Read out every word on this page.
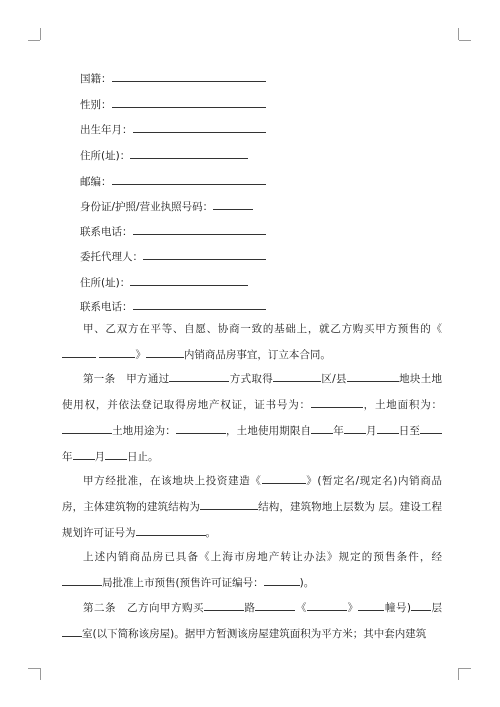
国籍：
性别：
出生年月：
住所(址)：
邮编：
身份证/护照/营业执照号码：
联系电话：
委托代理人：
住所(址)：
联系电话：
甲、乙双方在平等、自愿、协商一致的基础上，就乙方购买甲方预售的《 》	内销商品房事宜，订立本合同。
第一条　甲方通过	方式取得	区/县	地块土地使用权，并依法登记取得房地产权证，证书号为：	，土地面积为：土地用途为：	，土地使用期限自 年 月 日至年 月 日止。
甲方经批准，在该地块上投资建造《	》(暂定名/现定名)内销商品房，主体建筑物的建筑结构为	结构，建筑物地上层数为 层。建设工程规划许可证号为	。
上述内销商品房已具备《上海市房地产转让办法》规定的预售条件，经局批准上市预售(预售许可证编号：	)。
第二条　乙方向甲方购买	路	《	》 幢号) 层室(以下简称该房屋)。据甲方暂测该房屋建筑面积为平方米；其中套内建筑
